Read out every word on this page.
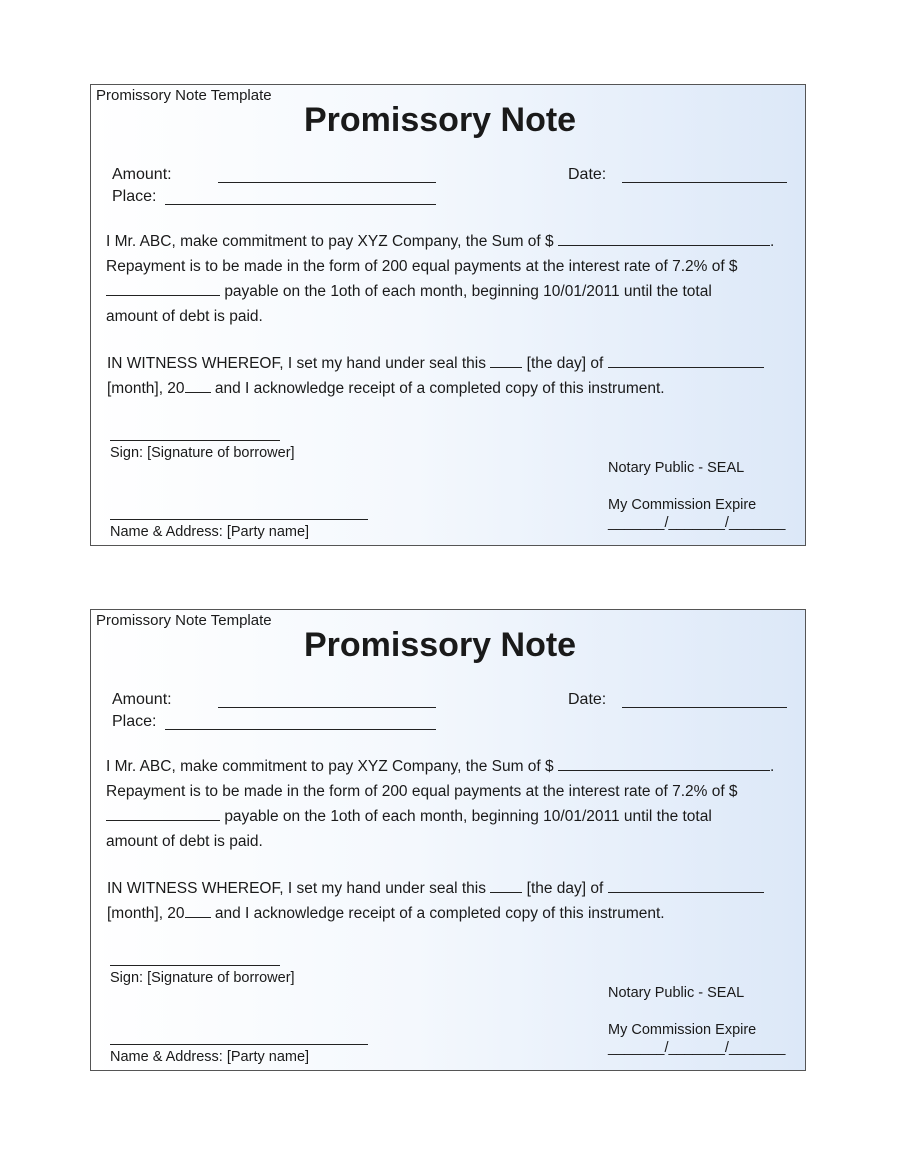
Promissory Note Template
Promissory Note
Amount:	Date:
Place:
I Mr. ABC, make commitment to pay XYZ Company, the Sum of $	.
Repayment is to be made in the form of 200 equal payments at the interest rate of 7.2% of $
payable on the 1oth of each month, beginning 10/01/2011 until the total
amount of debt is paid.
IN WITNESS WHEREOF, I set my hand under seal this	[the day] of
[month], 20 and I acknowledge receipt of a completed copy of this instrument.
Sign: [Signature of borrower]
Notary Public - SEAL
My Commission Expire
_______/_______/_______
Name & Address: [Party name]
Promissory Note Template
Promissory Note
Amount:	Date:
Place:
I Mr. ABC, make commitment to pay XYZ Company, the Sum of $	.
Repayment is to be made in the form of 200 equal payments at the interest rate of 7.2% of $
payable on the 1oth of each month, beginning 10/01/2011 until the total
amount of debt is paid.
IN WITNESS WHEREOF, I set my hand under seal this	[the day] of
[month], 20 and I acknowledge receipt of a completed copy of this instrument.
Sign: [Signature of borrower]
Notary Public - SEAL
My Commission Expire
_______/_______/_______
Name & Address: [Party name]
